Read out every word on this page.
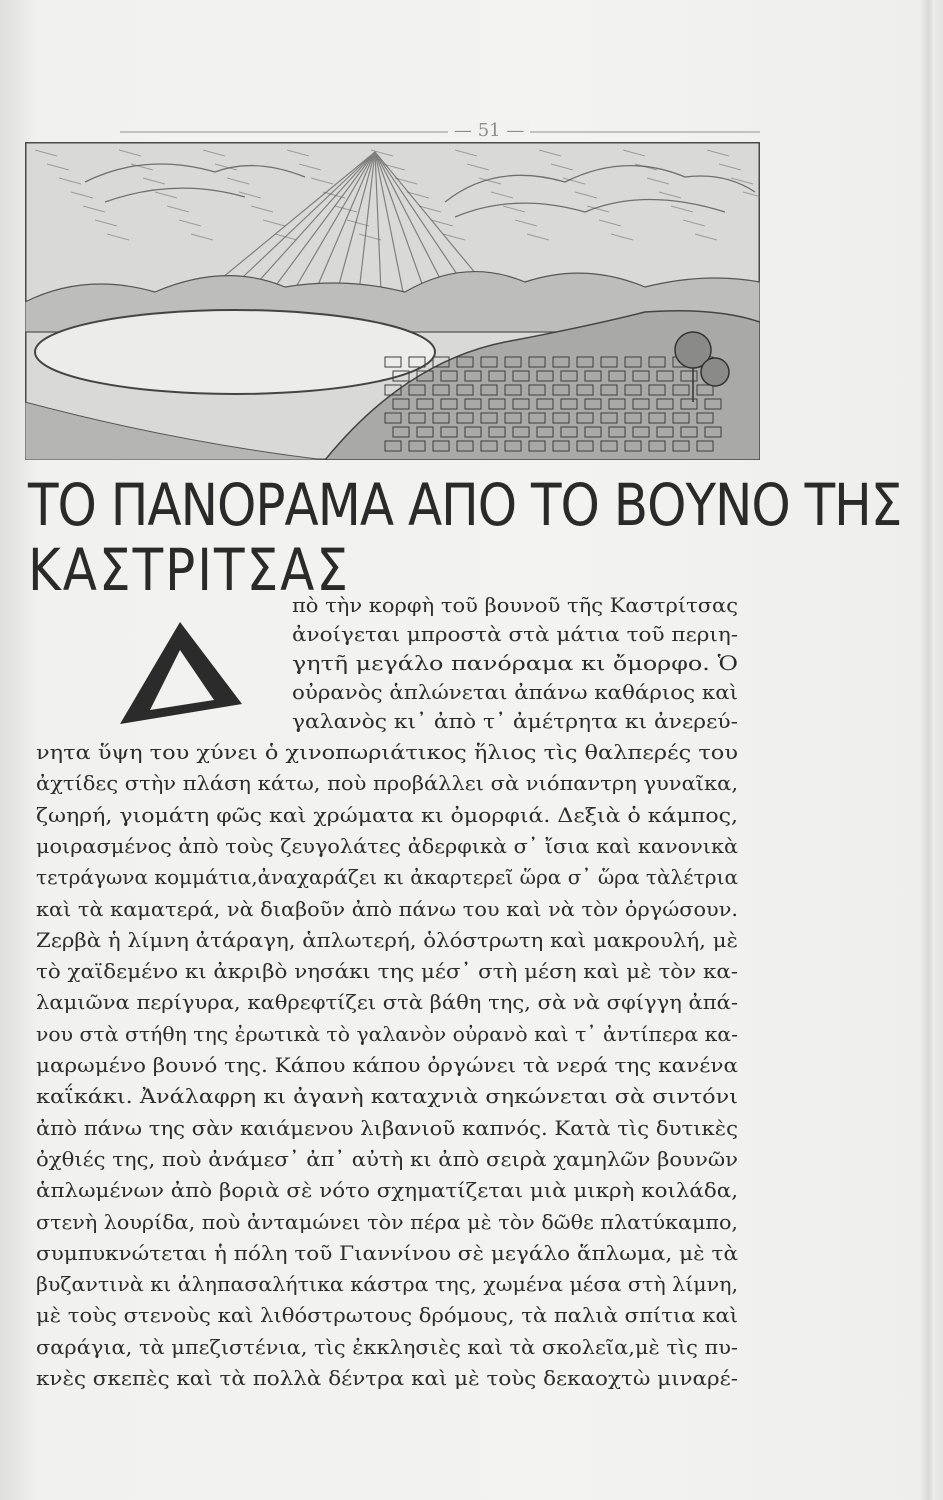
— 51 —
ΤΟ ΠΑΝΟΡΑΜΑ ΑΠΟ ΤΟ ΒΟΥΝΟ ΤΗΣ
ΚΑΣΤΡΙΤΣΑΣ
πὸ τὴν κορφὴ τοῦ βουνοῦ τῆς Καστρίτσας
ἀνοίγεται μπροστὰ στὰ μάτια τοῦ περιη-
γητῆ μεγάλο πανόραμα κι ὄμορφο. Ὁ
οὐρανὸς ἁπλώνεται ἀπάνω καθάριος καὶ
γαλανὸς κι᾽ ἀπὸ τ᾽ ἀμέτρητα κι ἀνερεύ-
νητα ὕψη του χύνει ὁ χινοπωριάτικος ἥλιος τὶς θαλπερές του
ἀχτίδες στὴν πλάση κάτω, ποὺ προβάλλει σὰ νιόπαντρη γυναῖκα,
ζωηρή, γιομάτη φῶς καὶ χρώματα κι ὀμορφιά. Δεξιὰ ὁ κάμπος,
μοιρασμένος ἀπὸ τοὺς ζευγολάτες ἀδερφικὰ σ᾽ ἴσια καὶ κανονικὰ
τετράγωνα κομμάτια,ἀναχαράζει κι ἀκαρτερεῖ ὥρα σ᾽ ὥρα τὰλέτρια
καὶ τὰ καματερά, νὰ διαβοῦν ἀπὸ πάνω του καὶ νὰ τὸν ὀργώσουν.
Ζερβὰ ἡ λίμνη ἀτάραγη, ἁπλωτερή, ὁλόστρωτη καὶ μακρουλή, μὲ
τὸ χαϊδεμένο κι ἀκριβὸ νησάκι της μέσ᾽ στὴ μέση καὶ μὲ τὸν κα-
λαμιῶνα περίγυρα, καθρεφτίζει στὰ βάθη της, σὰ νὰ σφίγγη ἀπά-
νου στὰ στήθη της ἐρωτικὰ τὸ γαλανὸν οὐρανὸ καὶ τ᾽ ἀντίπερα κα-
μαρωμένο βουνό της. Κάπου κάπου ὀργώνει τὰ νερά της κανένα
καΐκάκι. Ἀνάλαφρη κι ἀγανὴ καταχνιὰ σηκώνεται σὰ σιντόνι
ἀπὸ πάνω της σὰν καιάμενου λιβανιοῦ καπνός. Κατὰ τὶς δυτικὲς
ὀχθιές της, ποὺ ἀνάμεσ᾽ ἀπ᾽ αὐτὴ κι ἀπὸ σειρὰ χαμηλῶν βουνῶν
ἁπλωμένων ἀπὸ βοριὰ σὲ νότο σχηματίζεται μιὰ μικρὴ κοιλάδα,
στενὴ λουρίδα, ποὺ ἀνταμώνει τὸν πέρα μὲ τὸν δῶθε πλατύκαμπο,
συμπυκνώτεται ἡ πόλη τοῦ Γιαννίνου σὲ μεγάλο ἅπλωμα, μὲ τὰ
βυζαντινὰ κι ἀληπασαλήτικα κάστρα της, χωμένα μέσα στὴ λίμνη,
μὲ τοὺς στενοὺς καὶ λιθόστρωτους δρόμους, τὰ παλιὰ σπίτια καὶ
σαράγια, τὰ μπεζιστένια, τὶς ἐκκλησιὲς καὶ τὰ σκολεῖα,μὲ τὶς πυ-
κνὲς σκεπὲς καὶ τὰ πολλὰ δέντρα καὶ μὲ τοὺς δεκαοχτὼ μιναρέ-
